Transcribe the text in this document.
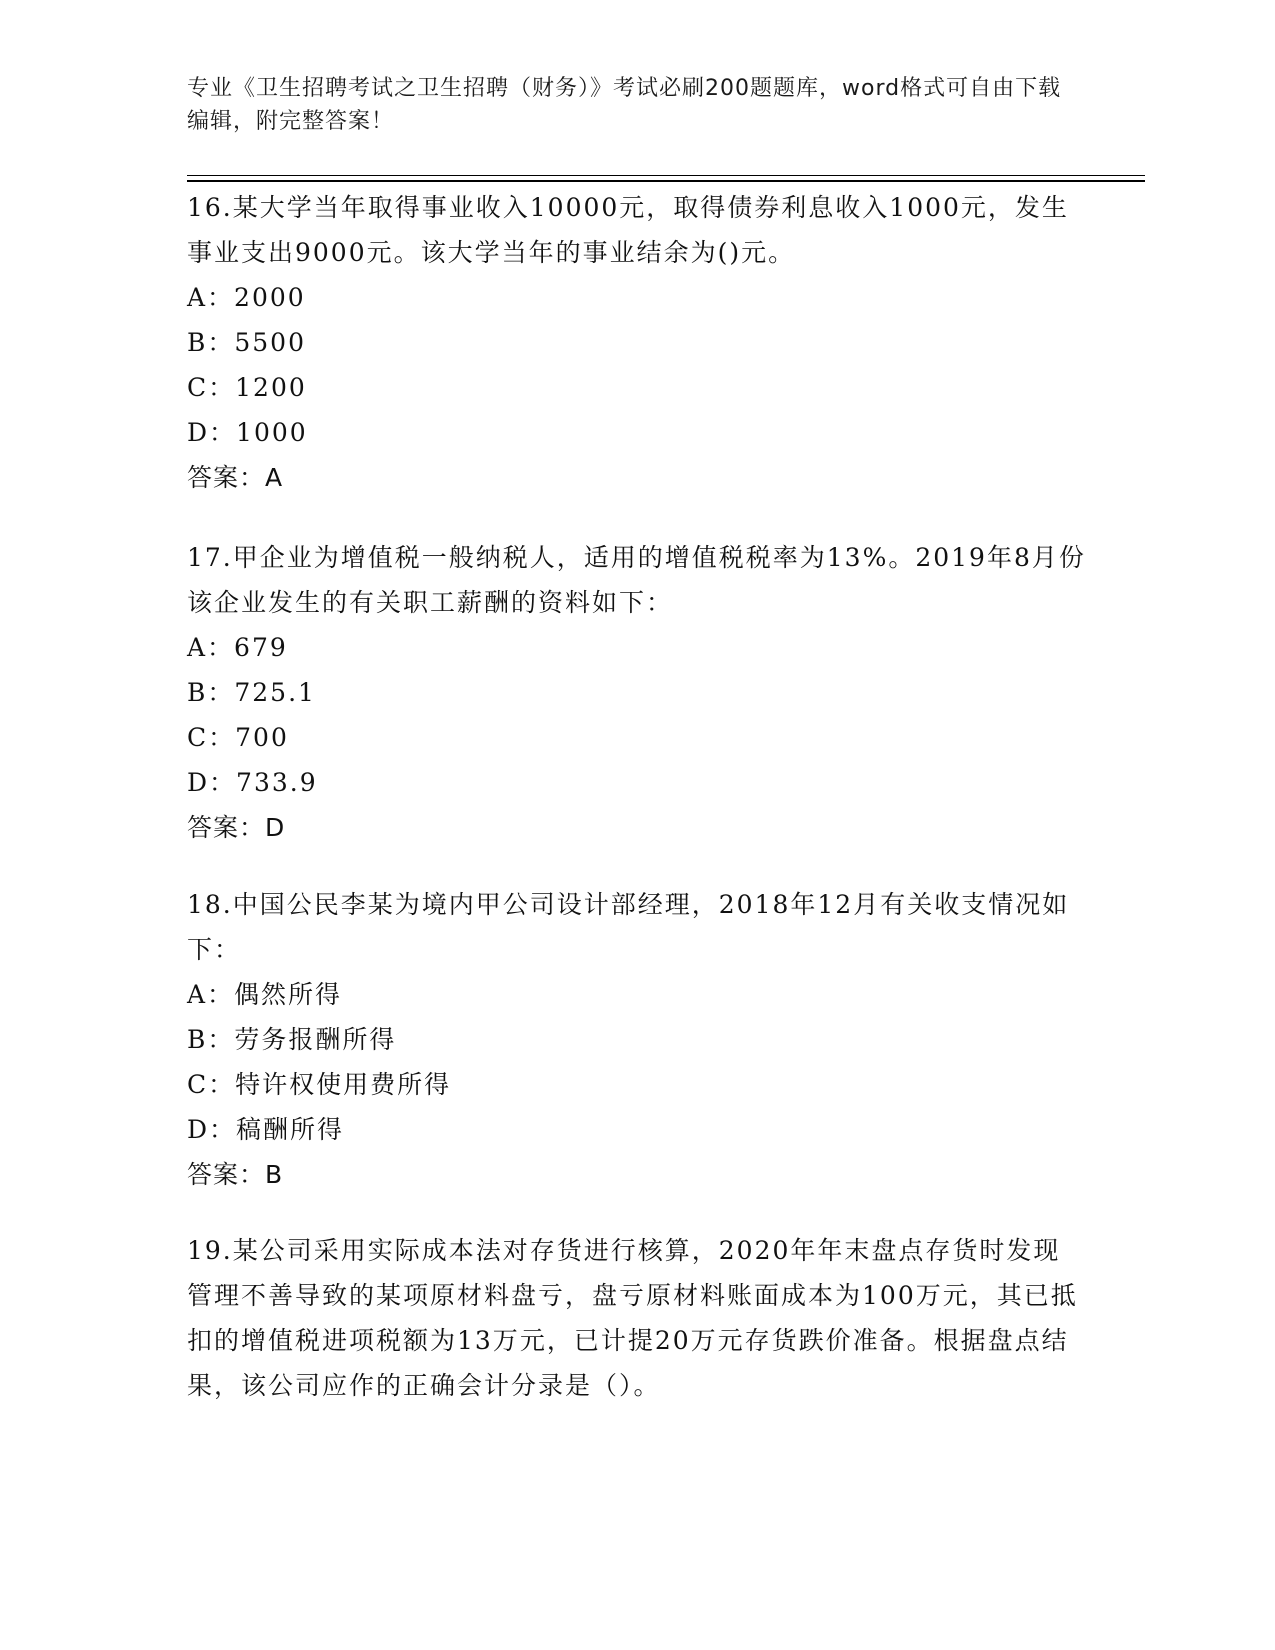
专业《卫生招聘考试之卫生招聘（财务）》考试必刷200题题库，word格式可自由下载编辑，附完整答案！

16.某大学当年取得事业收入10000元，取得债券利息收入1000元，发生事业支出9000元。该大学当年的事业结余为()元。

A：2000

B：5500

C：1200

D：1000

答案：A

17.甲企业为增值税一般纳税人，适用的增值税税率为13%。2019年8月份该企业发生的有关职工薪酬的资料如下：

A：679

B：725.1

C：700

D：733.9

答案：D

18.中国公民李某为境内甲公司设计部经理，2018年12月有关收支情况如下：

A：偶然所得

B：劳务报酬所得

C：特许权使用费所得

D：稿酬所得

答案：B

19.某公司采用实际成本法对存货进行核算，2020年年末盘点存货时发现管理不善导致的某项原材料盘亏，盘亏原材料账面成本为100万元，其已抵扣的增值税进项税额为13万元，已计提20万元存货跌价准备。根据盘点结果，该公司应作的正确会计分录是（）。
